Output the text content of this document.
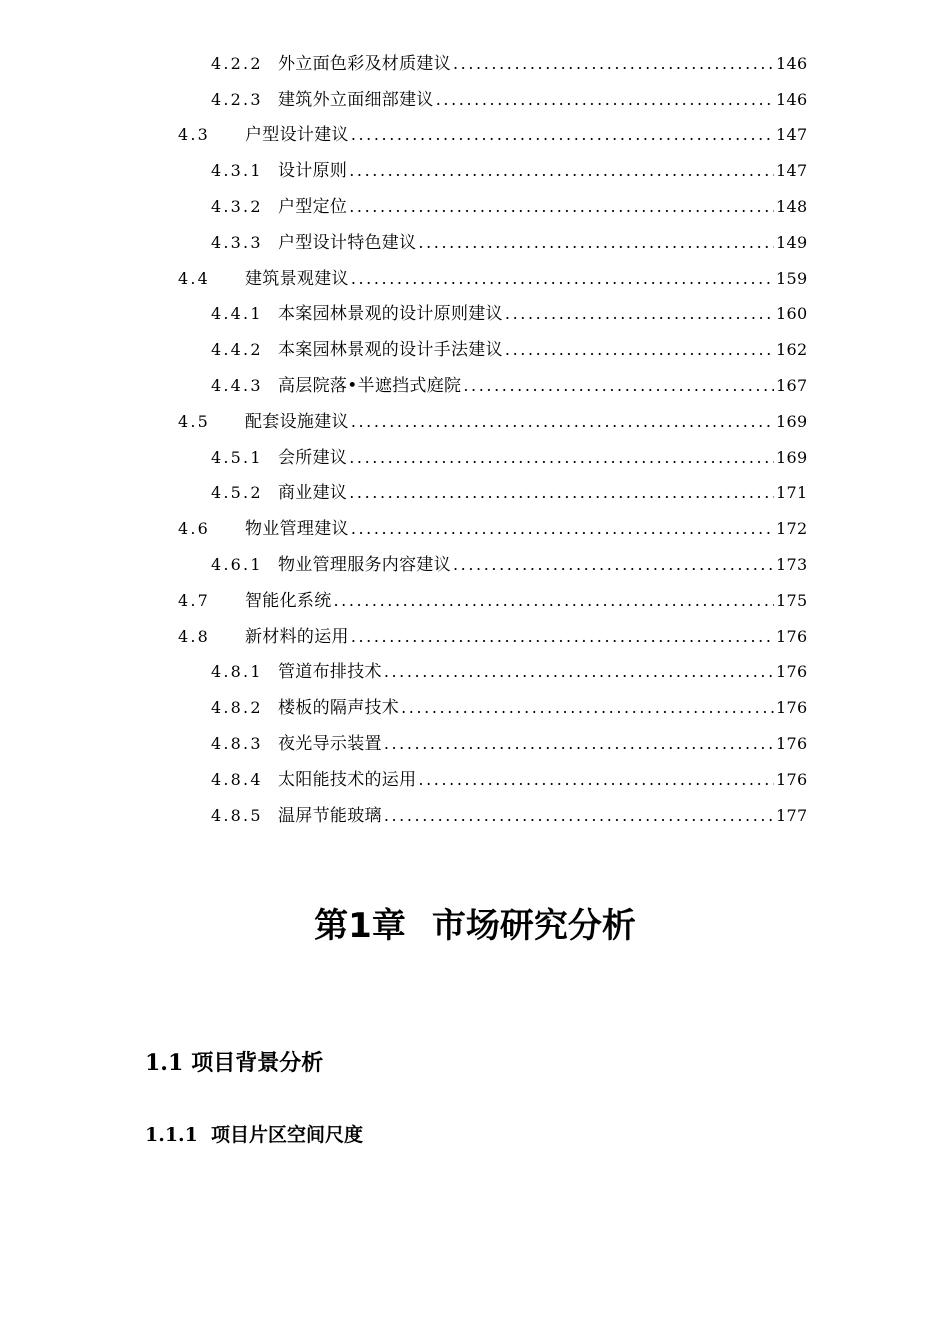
4.2.2 外立面色彩及材质建议 .....	146
4.2.3 建筑外立面细部建议 .....	146
4.3	户型设计建议 .....	147
4.3.1 设计原则 .....	147
4.3.2 户型定位 .....	148
4.3.3 户型设计特色建议 .....	149
4.4	建筑景观建议 .....	159
4.4.1 本案园林景观的设计原则建议 .....	160
4.4.2 本案园林景观的设计手法建议 .....	162
4.4.3 高层院落•半遮挡式庭院 .....	167
4.5	配套设施建议 .....	169
4.5.1 会所建议 .....	169
4.5.2 商业建议 .....	171
4.6	物业管理建议 .....	172
4.6.1 物业管理服务内容建议 .....	173
4.7	智能化系统 .....	175
4.8	新材料的运用 .....	176
4.8.1 管道布排技术 .....	176
4.8.2 楼板的隔声技术 .....	176
4.8.3 夜光导示装置 .....	176
4.8.4 太阳能技术的运用 .....	176
4.8.5 温屏节能玻璃 .....	177
第1章 市场研究分析
1.1 项目背景分析
1.1.1 项目片区空间尺度
